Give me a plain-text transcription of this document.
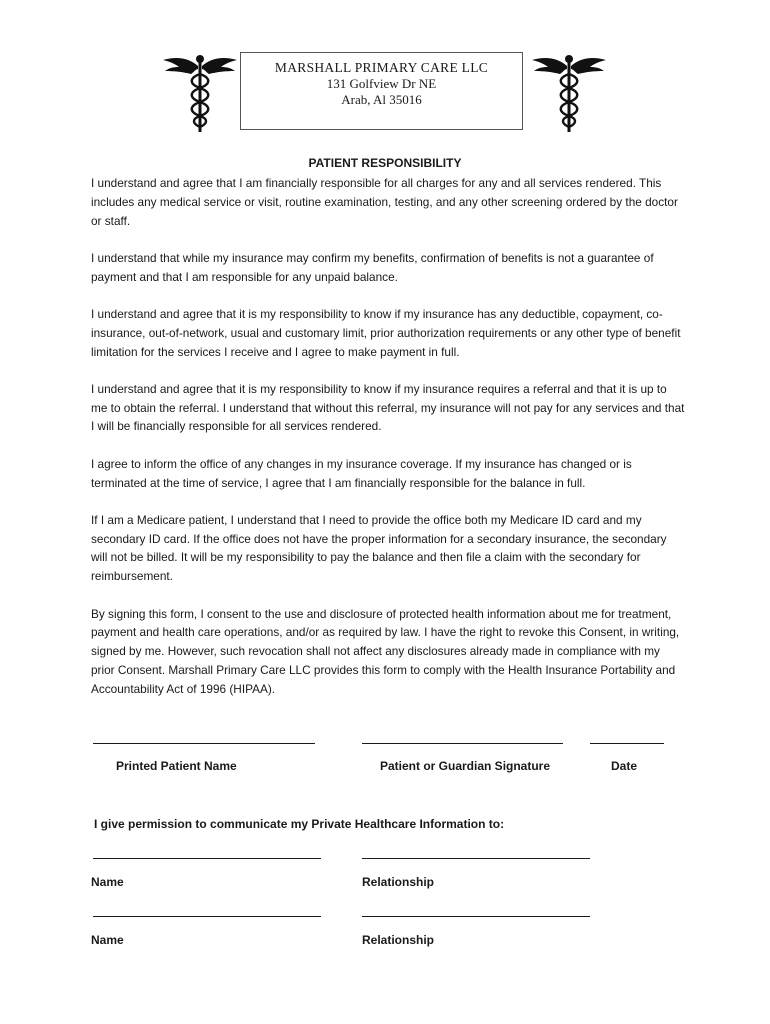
MARSHALL PRIMARY CARE LLC
131 Golfview Dr NE
Arab, Al 35016
PATIENT RESPONSIBILITY

I understand and agree that I am financially responsible for all charges for any and all services rendered. This includes any medical service or visit, routine examination, testing, and any other screening ordered by the doctor or staff.

I understand that while my insurance may confirm my benefits, confirmation of benefits is not a guarantee of payment and that I am responsible for any unpaid balance.

I understand and agree that it is my responsibility to know if my insurance has any deductible, copayment, co-insurance, out-of-network, usual and customary limit, prior authorization requirements or any other type of benefit limitation for the services I receive and I agree to make payment in full.

I understand and agree that it is my responsibility to know if my insurance requires a referral and that it is up to me to obtain the referral. I understand that without this referral, my insurance will not pay for any services and that I will be financially responsible for all services rendered.

I agree to inform the office of any changes in my insurance coverage. If my insurance has changed or is terminated at the time of service, I agree that I am financially responsible for the balance in full.

If I am a Medicare patient, I understand that I need to provide the office both my Medicare ID card and my secondary ID card. If the office does not have the proper information for a secondary insurance, the secondary will not be billed. It will be my responsibility to pay the balance and then file a claim with the secondary for reimbursement.

By signing this form, I consent to the use and disclosure of protected health information about me for treatment, payment and health care operations, and/or as required by law. I have the right to revoke this Consent, in writing, signed by me. However, such revocation shall not affect any disclosures already made in compliance with my prior Consent. Marshall Primary Care LLC provides this form to comply with the Health Insurance Portability and Accountability Act of 1996 (HIPAA).

Printed Patient Name	Patient or Guardian Signature	Date
I give permission to communicate my Private Healthcare Information to:
Name	Relationship
Name	Relationship
